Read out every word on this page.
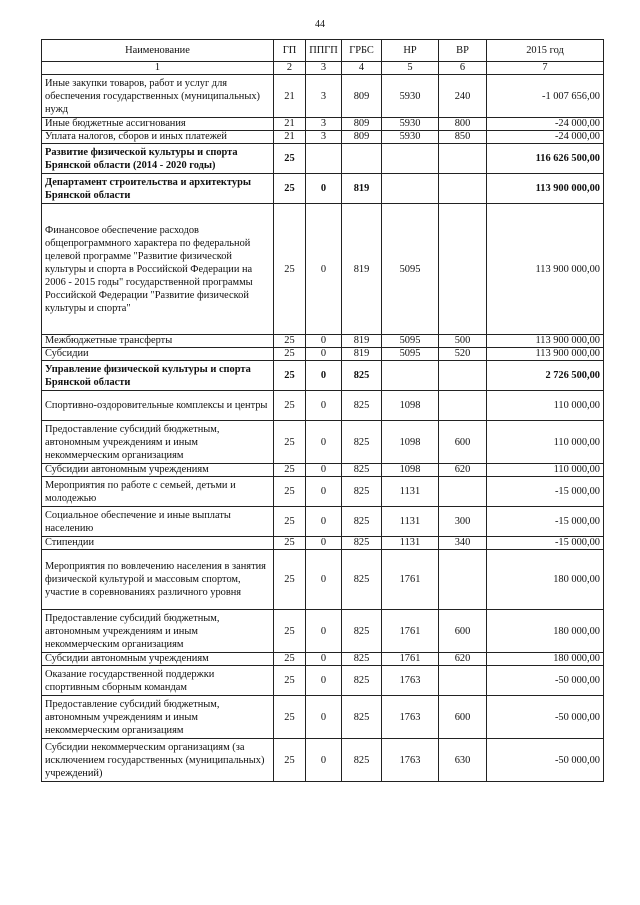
44
Наименование	ГП	ППГП	ГРБС	НР	ВР	2015 год
1	2	3	4	5	6	7
Иные закупки товаров, работ и услуг для обеспечения государственных (муниципальных) нужд	21	3	809	5930	240	-1 007 656,00
Иные бюджетные ассигнования	21	3	809	5930	800	-24 000,00
Уплата налогов, сборов и иных платежей	21	3	809	5930	850	-24 000,00
Развитие физической культуры и спорта Брянской области (2014 - 2020 годы)	25					116 626 500,00
Департамент строительства и архитектуры Брянской области	25	0	819			113 900 000,00
Финансовое обеспечение расходов общепрограммного характера по федеральной целевой программе "Развитие физической культуры и спорта в Российской Федерации на 2006 - 2015 годы" государственной программы Российской Федерации "Развитие физической культуры и спорта"	25	0	819	5095		113 900 000,00
Межбюджетные трансферты	25	0	819	5095	500	113 900 000,00
Субсидии	25	0	819	5095	520	113 900 000,00
Управление физической культуры и спорта Брянской области	25	0	825			2 726 500,00
Спортивно-оздоровительные комплексы и центры	25	0	825	1098		110 000,00
Предоставление субсидий бюджетным, автономным учреждениям и иным некоммерческим организациям	25	0	825	1098	600	110 000,00
Субсидии автономным учреждениям	25	0	825	1098	620	110 000,00
Мероприятия по работе с семьей, детьми и молодежью	25	0	825	1131		-15 000,00
Социальное обеспечение и иные выплаты населению	25	0	825	1131	300	-15 000,00
Стипендии	25	0	825	1131	340	-15 000,00
Мероприятия по вовлечению населения в занятия физической культурой и массовым спортом, участие в соревнованиях различного уровня	25	0	825	1761		180 000,00
Предоставление субсидий бюджетным, автономным учреждениям и иным некоммерческим организациям	25	0	825	1761	600	180 000,00
Субсидии автономным учреждениям	25	0	825	1761	620	180 000,00
Оказание государственной поддержки спортивным сборным командам	25	0	825	1763		-50 000,00
Предоставление субсидий бюджетным, автономным учреждениям и иным некоммерческим организациям	25	0	825	1763	600	-50 000,00
Субсидии некоммерческим организациям (за исключением государственных (муниципальных) учреждений)	25	0	825	1763	630	-50 000,00
